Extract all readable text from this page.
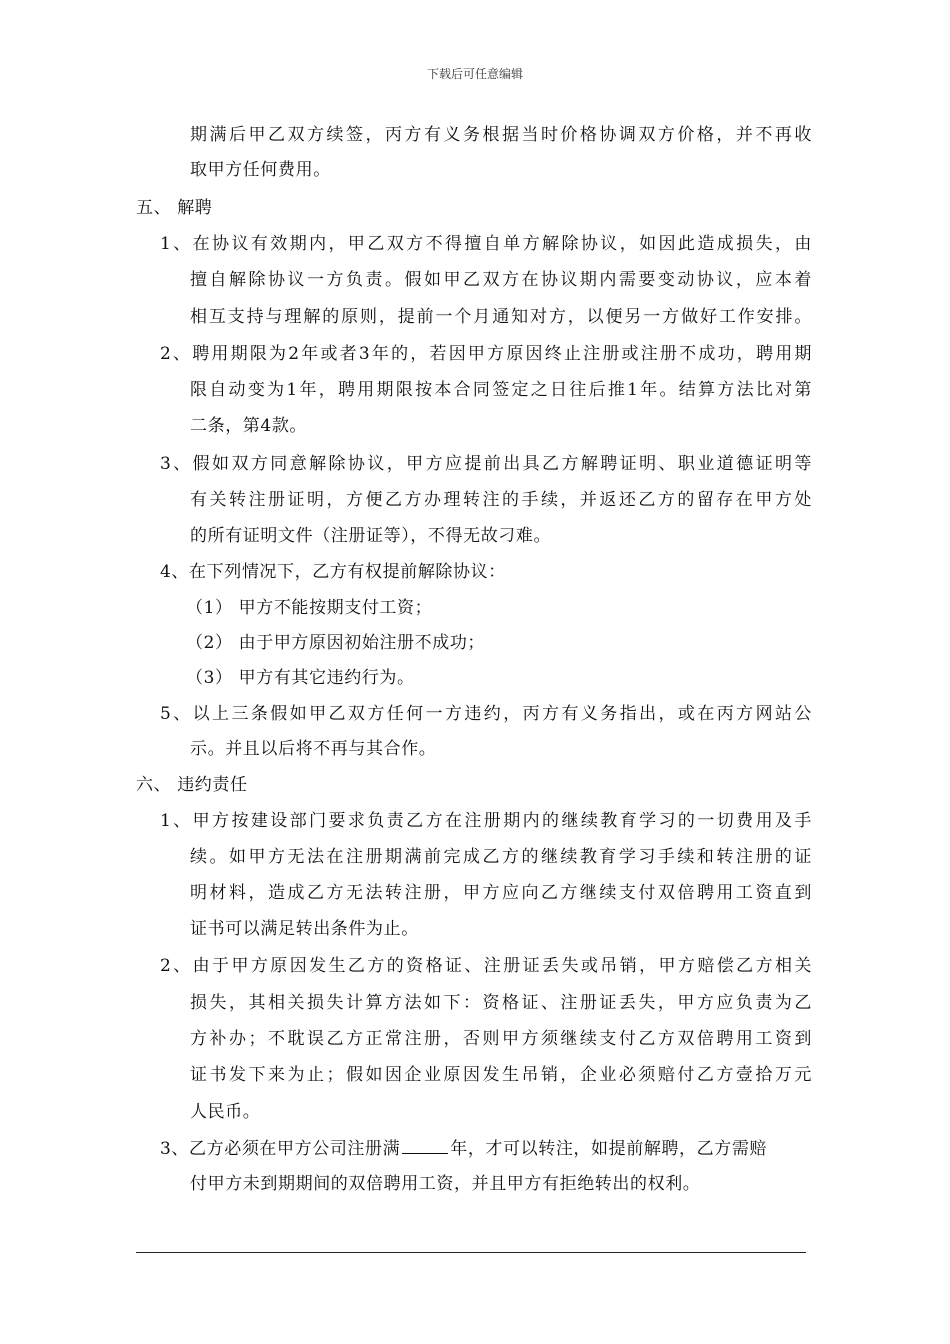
下载后可任意编辑
期满后甲乙双方续签，丙方有义务根据当时价格协调双方价格，并不再收
取甲方任何费用。
五、 解聘
1、在协议有效期内，甲乙双方不得擅自单方解除协议，如因此造成损失，由
擅自解除协议一方负责。假如甲乙双方在协议期内需要变动协议，应本着
相互支持与理解的原则，提前一个月通知对方，以便另一方做好工作安排。
2、聘用期限为2年或者3年的，若因甲方原因终止注册或注册不成功，聘用期
限自动变为1年，聘用期限按本合同签定之日往后推1年。结算方法比对第
二条，第4款。
3、假如双方同意解除协议，甲方应提前出具乙方解聘证明、职业道德证明等
有关转注册证明，方便乙方办理转注的手续，并返还乙方的留存在甲方处
的所有证明文件（注册证等），不得无故刁难。
4、在下列情况下，乙方有权提前解除协议：
（1） 甲方不能按期支付工资；
（2） 由于甲方原因初始注册不成功；
（3） 甲方有其它违约行为。
5、以上三条假如甲乙双方任何一方违约，丙方有义务指出，或在丙方网站公
示。并且以后将不再与其合作。
六、 违约责任
1、甲方按建设部门要求负责乙方在注册期内的继续教育学习的一切费用及手
续。如甲方无法在注册期满前完成乙方的继续教育学习手续和转注册的证
明材料，造成乙方无法转注册，甲方应向乙方继续支付双倍聘用工资直到
证书可以满足转出条件为止。
2、由于甲方原因发生乙方的资格证、注册证丢失或吊销，甲方赔偿乙方相关
损失，其相关损失计算方法如下：资格证、注册证丢失，甲方应负责为乙
方补办；不耽误乙方正常注册，否则甲方须继续支付乙方双倍聘用工资到
证书发下来为止；假如因企业原因发生吊销，企业必须赔付乙方壹拾万元
人民币。
3、乙方必须在甲方公司注册满	年，才可以转注，如提前解聘，乙方需赔
付甲方未到期期间的双倍聘用工资，并且甲方有拒绝转出的权利。
